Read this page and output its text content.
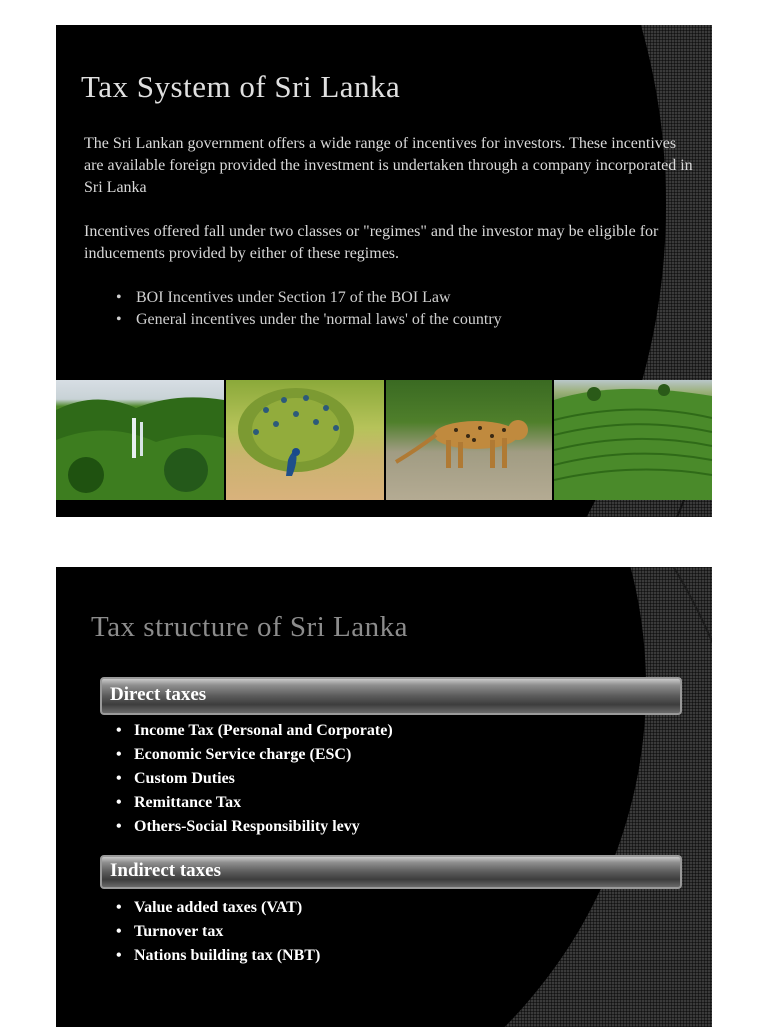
Tax System of Sri Lanka
The Sri Lankan government offers a wide range of incentives for investors. These incentives are available foreign provided the investment is undertaken through a company incorporated in Sri Lanka
Incentives offered fall under two classes or "regimes" and the investor may be eligible for inducements provided by either of these regimes.
• BOI Incentives under Section 17 of the BOI Law
• General incentives under the 'normal laws' of the country
Tax structure of Sri Lanka
Direct taxes
• Income Tax (Personal and Corporate)
• Economic Service charge (ESC)
• Custom Duties
• Remittance Tax
• Others-Social Responsibility levy
Indirect taxes
• Value added taxes (VAT)
• Turnover tax
• Nations building tax (NBT)
